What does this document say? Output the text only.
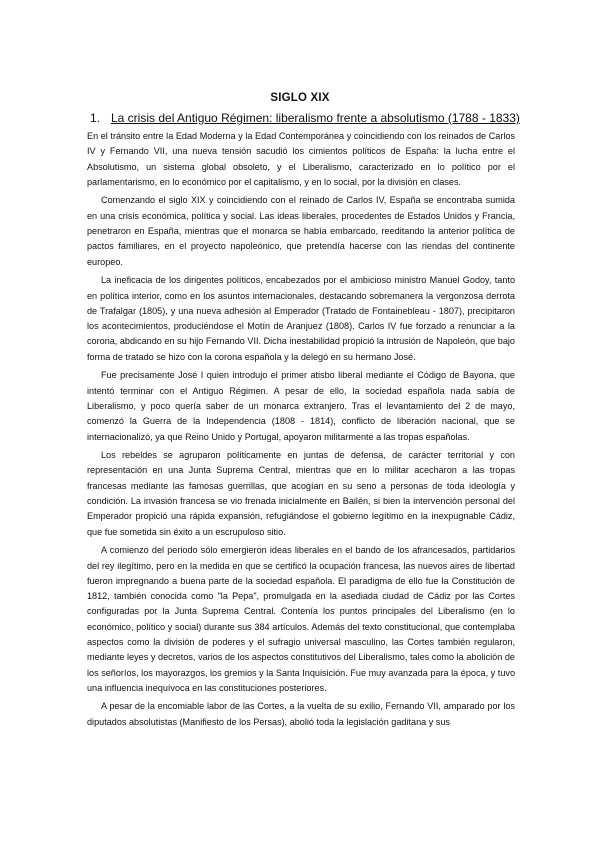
SIGLO XIX
1. La crisis del Antiguo Régimen: liberalismo frente a absolutismo (1788 - 1833)

En el tránsito entre la Edad Moderna y la Edad Contemporánea y coincidiendo con los reinados de Carlos IV y Fernando VII, una nueva tensión sacudió los cimientos políticos de España: la lucha entre el Absolutismo, un sistema global obsoleto, y el Liberalismo, caracterizado en lo político por el parlamentarismo, en lo económico por el capitalismo, y en lo social, por la división en clases.

Comenzando el siglo XIX y coincidiendo con el reinado de Carlos IV, España se encontraba sumida en una crisis económica, política y social. Las ideas liberales, procedentes de Estados Unidos y Francia, penetraron en España, mientras que el monarca se había embarcado, reeditando la anterior política de pactos familiares, en el proyecto napoleónico, que pretendía hacerse con las riendas del continente europeo.

La ineficacia de los dirigentes políticos, encabezados por el ambicioso ministro Manuel Godoy, tanto en política interior, como en los asuntos internacionales, destacando sobremanera la vergonzosa derrota de Trafalgar (1805), y una nueva adhesión al Emperador (Tratado de Fontainebleau - 1807), precipitaron los acontecimientos, produciéndose el Motín de Aranjuez (1808). Carlos IV fue forzado a renunciar a la corona, abdicando en su hijo Fernando VII. Dicha inestabilidad propició la intrusión de Napoleón, que bajo forma de tratado se hizo con la corona española y la delegó en su hermano José.

Fue precisamente José I quien introdujo el primer atisbo liberal mediante el Código de Bayona, que intentó terminar con el Antiguo Régimen. A pesar de ello, la sociedad española nada sabía de Liberalismo, y poco quería saber de un monarca extranjero. Tras el levantamiento del 2 de mayo, comenzó la Guerra de la Independencia (1808 - 1814), conflicto de liberación nacional, que se internacionalizó, ya que Reino Unido y Portugal, apoyaron militarmente a las tropas españolas.

Los rebeldes se agruparon políticamente en juntas de defensa, de carácter territorial y con representación en una Junta Suprema Central, mientras que en lo militar acecharon a las tropas francesas mediante las famosas guerrillas, que acogían en su seno a personas de toda ideología y condición. La invasión francesa se vio frenada inicialmente en Bailén, si bien la intervención personal del Emperador propició una rápida expansión, refugiándose el gobierno legítimo en la inexpugnable Cádiz, que fue sometida sin éxito a un escrupuloso sitio.

A comienzo del periodo sólo emergieron ideas liberales en el bando de los afrancesados, partidarios del rey ilegítimo, pero en la medida en que se certificó la ocupación francesa, las nuevos aires de libertad fueron impregnando a buena parte de la sociedad española. El paradigma de ello fue la Constitución de 1812, también conocida como "la Pepa", promulgada en la asediada ciudad de Cádiz por las Cortes configuradas por la Junta Suprema Central. Contenía los puntos principales del Liberalismo (en lo económico, político y social) durante sus 384 artículos. Además del texto constitucional, que contemplaba aspectos como la división de poderes y el sufragio universal masculino, las Cortes también regularon, mediante leyes y decretos, varios de los aspectos constitutivos del Liberalismo, tales como la abolición de los señoríos, los mayorazgos, los gremios y la Santa Inquisición. Fue muy avanzada para la época, y tuvo una influencia inequívoca en las constituciones posteriores.

A pesar de la encomiable labor de las Cortes, a la vuelta de su exilio, Fernando VII, amparado por los diputados absolutistas (Manifiesto de los Persas), abolió toda la legislación gaditana y sus
